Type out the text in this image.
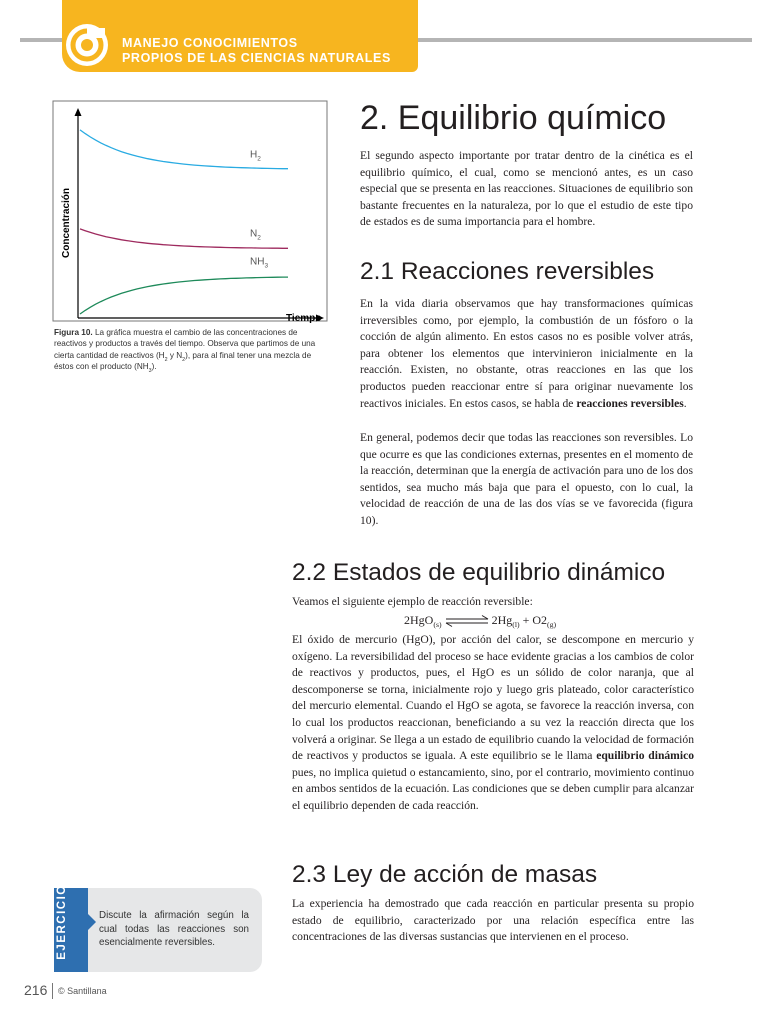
MANEJO CONOCIMIENTOS
PROPIOS DE LAS CIENCIAS NATURALES
$H_2$
$N_2$
$NH_3$
Tiempo
Concentración
Figura 10. La gráfica muestra el cambio de las concentraciones de reactivos y productos a través del tiempo. Observa que partimos de una cierta cantidad de reactivos ($H_2$ y $N_2$), para al final tener una mezcla de éstos con el producto $(NH_3)$.
2. Equilibrio químico

El segundo aspecto importante por tratar dentro de la cinética es el equilibrio químico, el cual, como se mencionó antes, es un caso especial que se presenta en las reacciones. Situaciones de equilibrio son bastante frecuentes en la naturaleza, por lo que el estudio de este tipo de estados es de suma importancia para el hombre.

2.1 Reacciones reversibles

En la vida diaria observamos que hay transformaciones químicas irreversibles como, por ejemplo, la combustión de un fósforo o la cocción de algún alimento. En estos casos no es posible volver atrás, para obtener los elementos que intervinieron inicialmente en la reacción. Existen, no obstante, otras reacciones en las que los productos pueden reaccionar entre sí para originar nuevamente los reactivos iniciales. En estos casos, se habla de reacciones reversibles.

En general, podemos decir que todas las reacciones son reversibles. Lo que ocurre es que las condiciones externas, presentes en el momento de la reacción, determinan que la energía de activación para uno de los dos sentidos, sea mucho más baja que para el opuesto, con lo cual, la velocidad de reacción de una de las dos vías se ve favorecida (figura 10).

2.2 Estados de equilibrio dinámico

Veamos el siguiente ejemplo de reacción reversible:

2HgO$_{(s)}$ ⇌ $2Hg_{(l)} + O2_{(g)}$

El óxido de mercurio (HgO), por acción del calor, se descompone en mercurio y oxígeno. La reversibilidad del proceso se hace evidente gracias a los cambios de color de reactivos y productos, pues, el HgO es un sólido de color naranja, que al descomponerse se torna, inicialmente rojo y luego gris plateado, color característico del mercurio elemental. Cuando el HgO se agota, se favorece la reacción inversa, con lo cual los productos reaccionan, beneficiando a su vez la reacción directa que los volverá a originar. Se llega a un estado de equilibrio cuando la velocidad de formación de reactivos y productos se iguala. A este equilibrio se le llama equilibrio dinámico pues, no implica quietud o estancamiento, sino, por el contrario, movimiento continuo en ambos sentidos de la ecuación. Las condiciones que se deben cumplir para alcanzar el equilibrio dependen de cada reacción.

2.3 Ley de acción de masas

La experiencia ha demostrado que cada reacción en particular presenta su propio estado de equilibrio, caracterizado por una relación específica entre las concentraciones de las diversas sustancias que intervienen en el proceso.

EJERCICIO	Discute la afirmación según la cual todas las reacciones son esencialmente reversibles.
216 © Santillana
